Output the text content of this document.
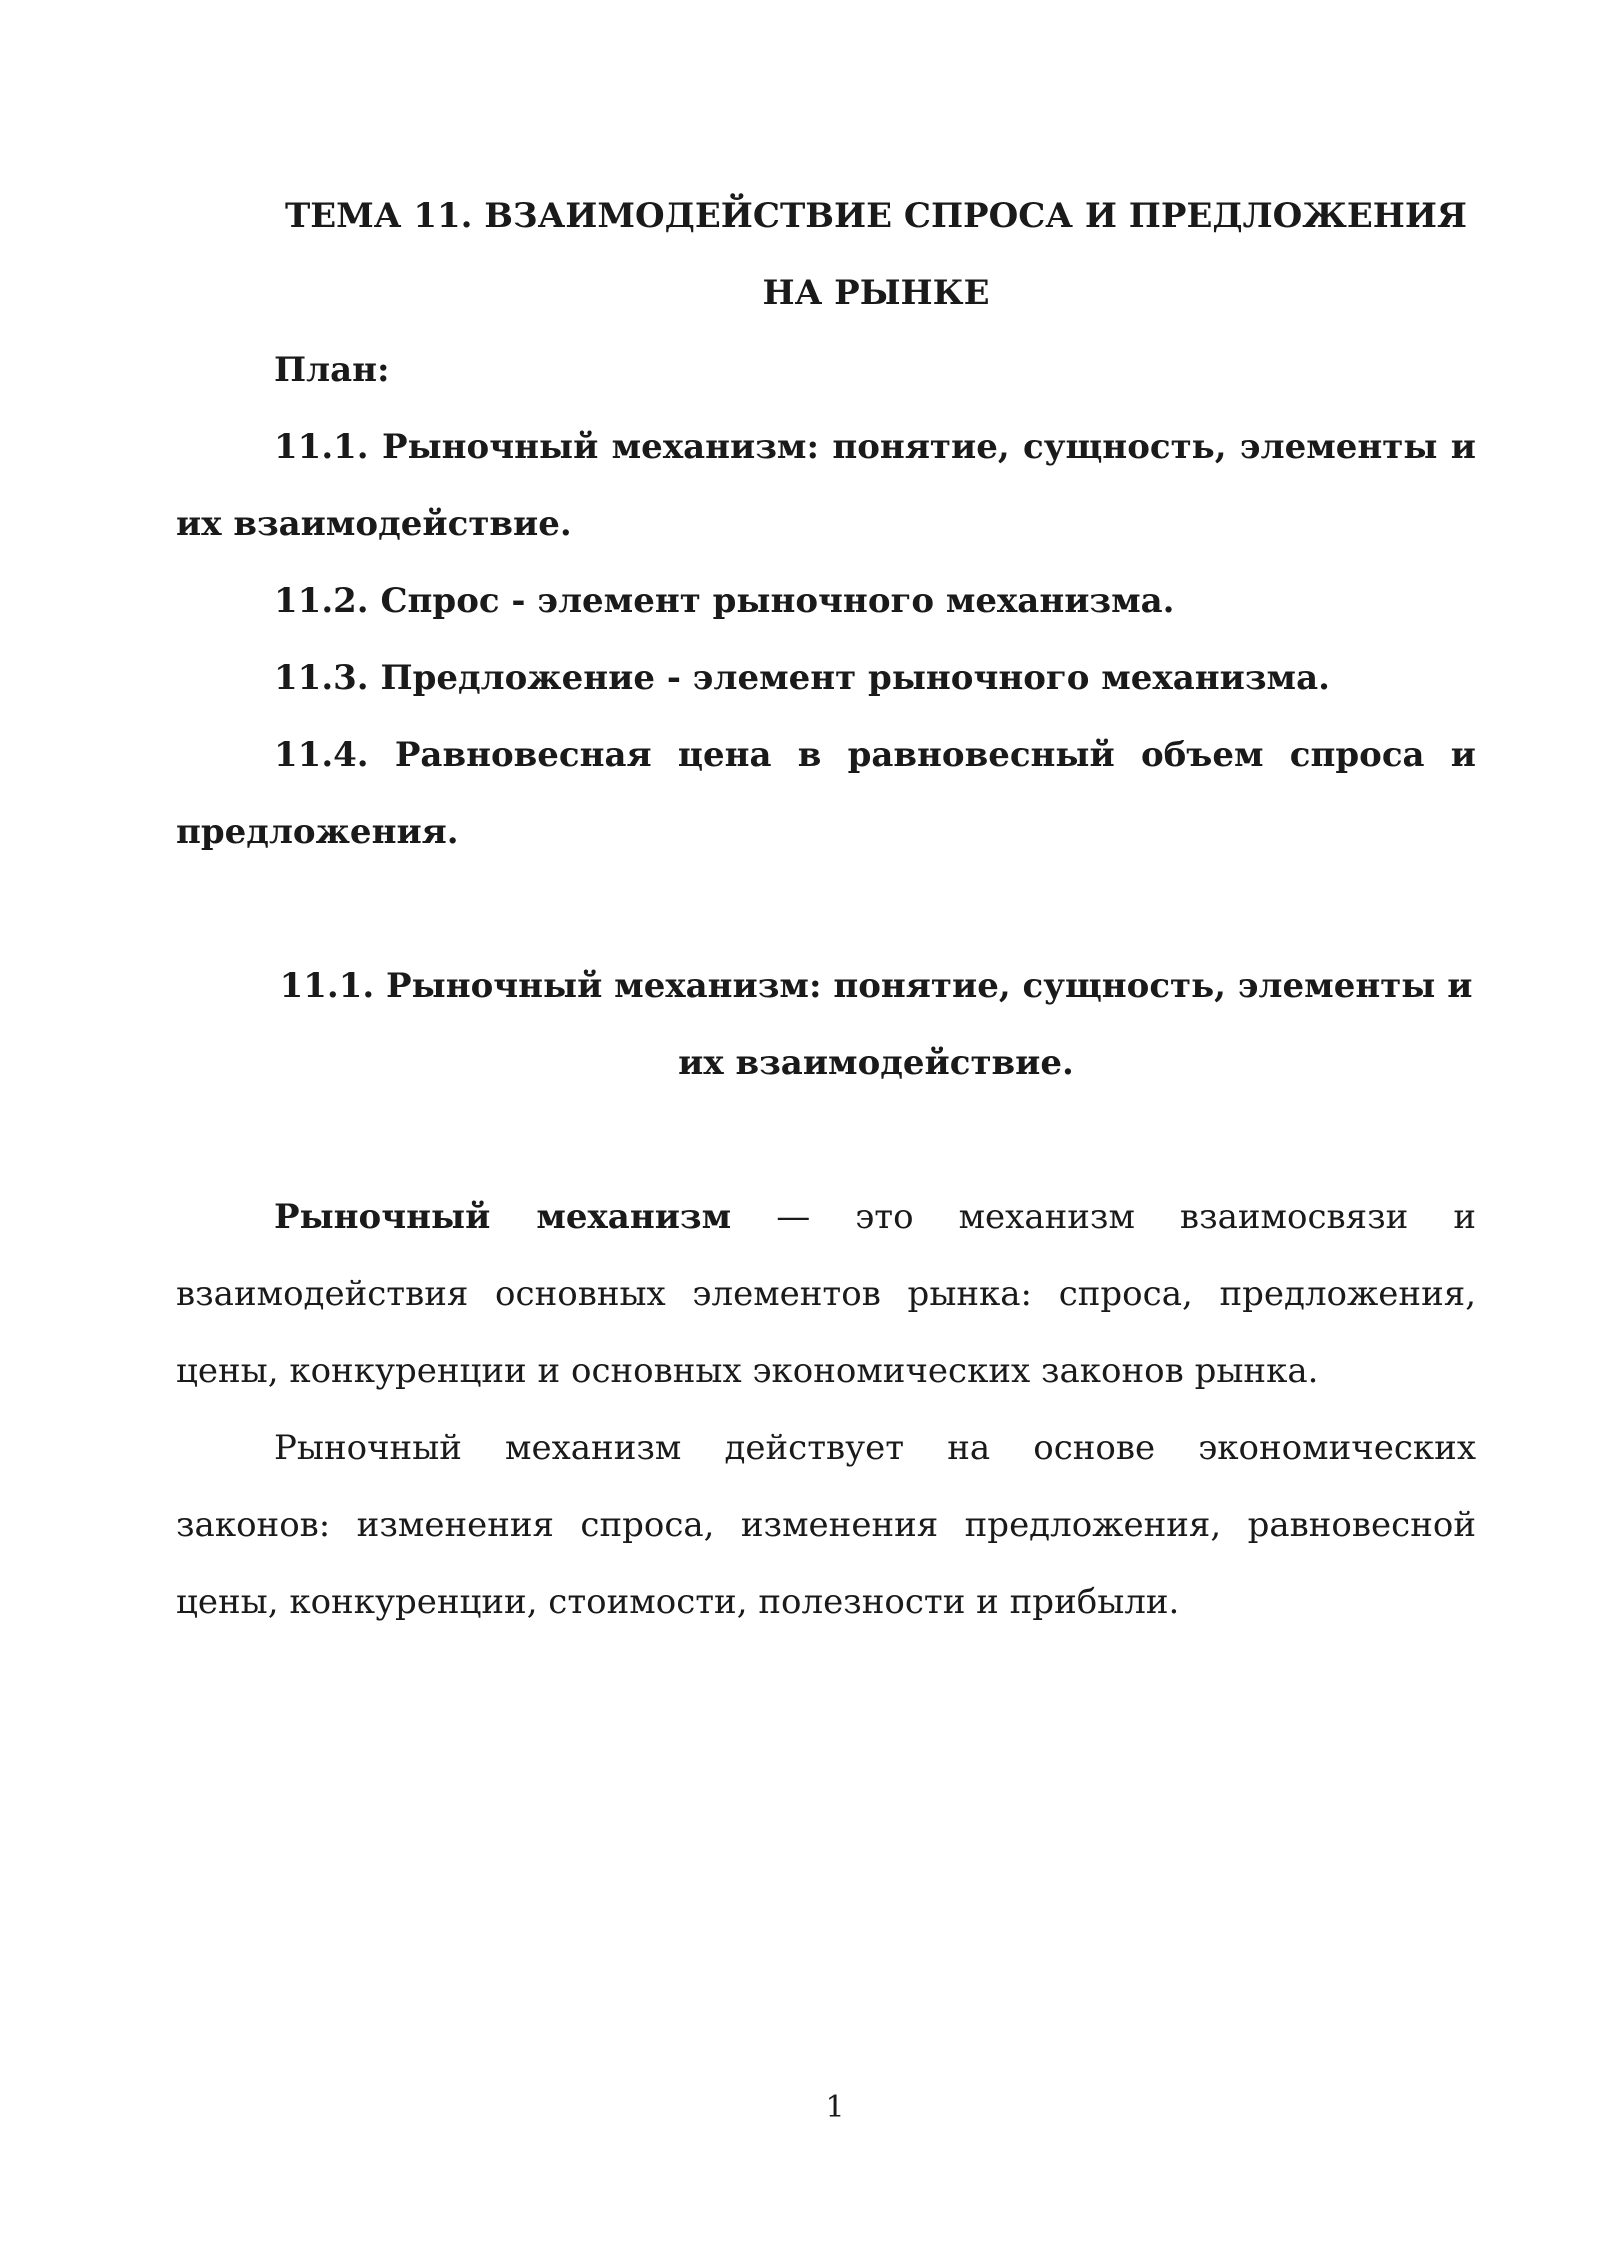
ТЕМА 11. ВЗАИМОДЕЙСТВИЕ СПРОСА И ПРЕДЛОЖЕНИЯ

НА РЫНКЕ

План:

11.1. Рыночный механизм: понятие, сущность, элементы и их взаимодействие.

11.2. Спрос - элемент рыночного механизма.

11.3. Предложение - элемент рыночного механизма.

11.4. Равновесная цена в равновесный объем спроса и предложения.

11.1. Рыночный механизм: понятие, сущность, элементы и

их взаимодействие.

Рыночный механизм — это механизм взаимосвязи и взаимодействия основных элементов рынка: спроса, предложения, цены, конкуренции и основных экономических законов рынка.

Рыночный механизм действует на основе экономических законов: изменения спроса, изменения предложения, равновесной цены, конкуренции, стоимости, полезности и прибыли.

1
